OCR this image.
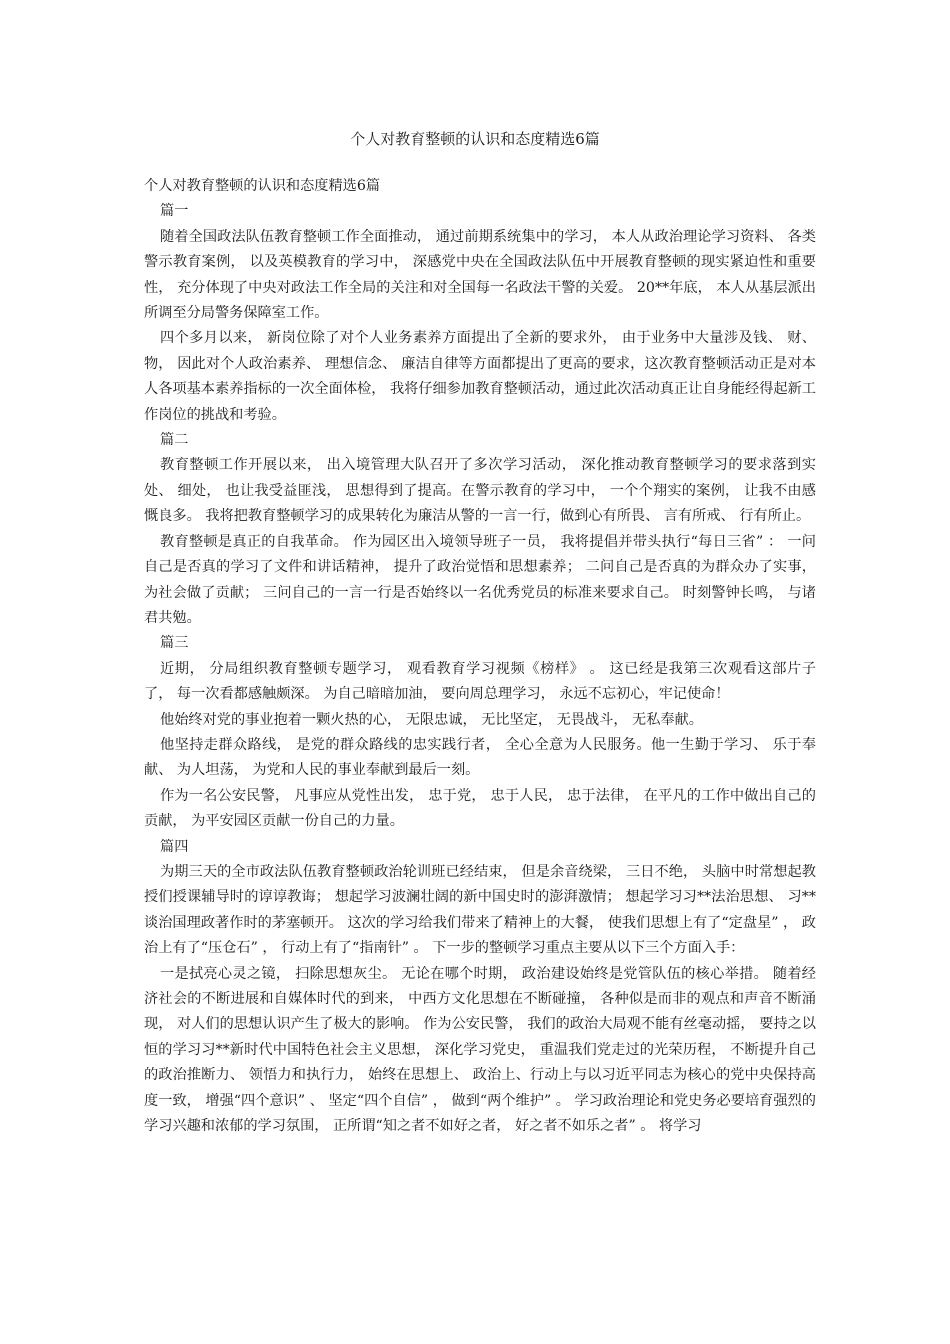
个人对教育整顿的认识和态度精选6篇
个人对教育整顿的认识和态度精选6篇
篇一

随着全国政法队伍教育整顿工作全面推动， 通过前期系统集中的学习， 本人从政治理论学习资料、 各类警示教育案例， 以及英模教育的学习中， 深感党中央在全国政法队伍中开展教育整顿的现实紧迫性和重要性， 充分体现了中央对政法工作全局的关注和对全国每一名政法干警的关爱。 20**年底， 本人从基层派出所调至分局警务保障室工作。

四个多月以来， 新岗位除了对个人业务素养方面提出了全新的要求外， 由于业务中大量涉及钱、 财、 物， 因此对个人政治素养、 理想信念、 廉洁自律等方面都提出了更高的要求，这次教育整顿活动正是对本人各项基本素养指标的一次全面体检， 我将仔细参加教育整顿活动，通过此次活动真正让自身能经得起新工作岗位的挑战和考验。

篇二

教育整顿工作开展以来， 出入境管理大队召开了多次学习活动， 深化推动教育整顿学习的要求落到实处、 细处， 也让我受益匪浅， 思想得到了提高。在警示教育的学习中， 一个个翔实的案例， 让我不由感慨良多。 我将把教育整顿学习的成果转化为廉洁从警的一言一行，做到心有所畏、 言有所戒、 行有所止。

教育整顿是真正的自我革命。 作为园区出入境领导班子一员， 我将提倡并带头执行“每日三省” ： 一问自己是否真的学习了文件和讲话精神， 提升了政治觉悟和思想素养； 二问自己是否真的为群众办了实事， 为社会做了贡献； 三问自己的一言一行是否始终以一名优秀党员的标准来要求自己。 时刻警钟长鸣， 与诸君共勉。

篇三

近期， 分局组织教育整顿专题学习， 观看教育学习视频《榜样》 。 这已经是我第三次观看这部片子了， 每一次看都感触颇深。 为自己暗暗加油， 要向周总理学习， 永远不忘初心，牢记使命！

他始终对党的事业抱着一颗火热的心， 无限忠诚， 无比坚定， 无畏战斗， 无私奉献。

他坚持走群众路线， 是党的群众路线的忠实践行者， 全心全意为人民服务。他一生勤于学习、 乐于奉献、 为人坦荡， 为党和人民的事业奉献到最后一刻。

作为一名公安民警， 凡事应从党性出发， 忠于党， 忠于人民， 忠于法律， 在平凡的工作中做出自己的贡献， 为平安园区贡献一份自己的力量。

篇四

为期三天的全市政法队伍教育整顿政治轮训班已经结束， 但是余音绕梁， 三日不绝， 头脑中时常想起教授们授课辅导时的谆谆教诲； 想起学习波澜壮阔的新中国史时的澎湃激情； 想起学习习**法治思想、 习**谈治国理政著作时的茅塞顿开。 这次的学习给我们带来了精神上的大餐， 使我们思想上有了“定盘星” ， 政治上有了“压仓石” ， 行动上有了“指南针” 。 下一步的整顿学习重点主要从以下三个方面入手：

一是拭亮心灵之镜， 扫除思想灰尘。 无论在哪个时期， 政治建设始终是党管队伍的核心举措。 随着经济社会的不断进展和自媒体时代的到来， 中西方文化思想在不断碰撞， 各种似是而非的观点和声音不断涌现， 对人们的思想认识产生了极大的影响。 作为公安民警， 我们的政治大局观不能有丝毫动摇， 要持之以恒的学习习**新时代中国特色社会主义思想， 深化学习党史， 重温我们党走过的光荣历程， 不断提升自己的政治推断力、 领悟力和执行力， 始终在思想上、 政治上、行动上与以习近平同志为核心的党中央保持高度一致， 增强“四个意识” 、 坚定“四个自信” ， 做到“两个维护” 。 学习政治理论和党史务必要培育强烈的学习兴趣和浓郁的学习氛围， 正所谓“知之者不如好之者， 好之者不如乐之者” 。 将学习
